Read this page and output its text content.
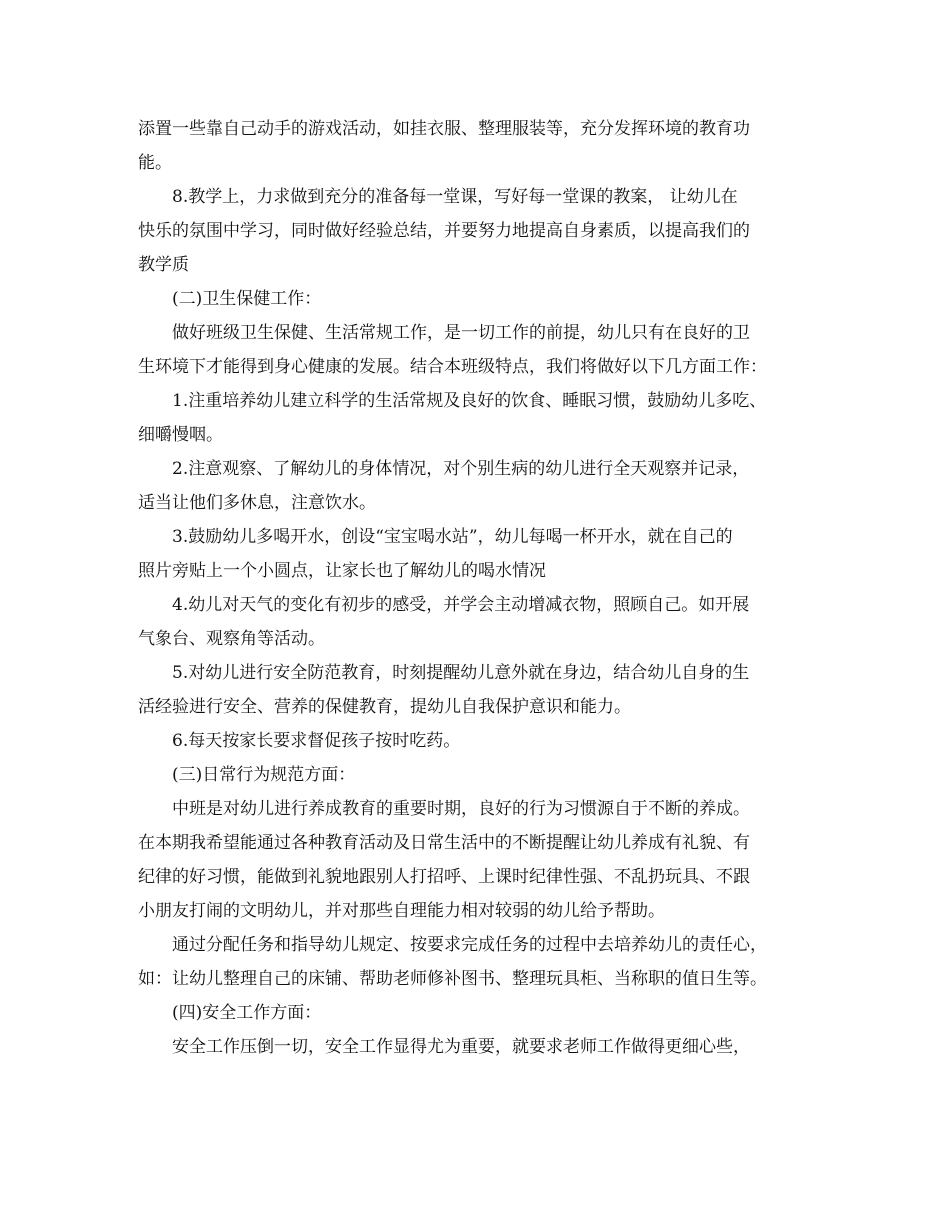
添置一些靠自己动手的游戏活动，如挂衣服、整理服装等，充分发挥环境的教育功
能。
8.教学上，力求做到充分的准备每一堂课，写好每一堂课的教案， 让幼儿在
快乐的氛围中学习，同时做好经验总结，并要努力地提高自身素质，以提高我们的
教学质
(二)卫生保健工作：
做好班级卫生保健、生活常规工作，是一切工作的前提，幼儿只有在良好的卫
生环境下才能得到身心健康的发展。结合本班级特点，我们将做好以下几方面工作：
1.注重培养幼儿建立科学的生活常规及良好的饮食、睡眠习惯，鼓励幼儿多吃、
细嚼慢咽。
2.注意观察、了解幼儿的身体情况，对个别生病的幼儿进行全天观察并记录，
适当让他们多休息，注意饮水。
3.鼓励幼儿多喝开水，创设“宝宝喝水站”，幼儿每喝一杯开水，就在自己的
照片旁贴上一个小圆点，让家长也了解幼儿的喝水情况
4.幼儿对天气的变化有初步的感受，并学会主动增减衣物，照顾自己。如开展
气象台、观察角等活动。
5.对幼儿进行安全防范教育，时刻提醒幼儿意外就在身边，结合幼儿自身的生
活经验进行安全、营养的保健教育，提幼儿自我保护意识和能力。
6.每天按家长要求督促孩子按时吃药。
(三)日常行为规范方面：
中班是对幼儿进行养成教育的重要时期，良好的行为习惯源自于不断的养成。
在本期我希望能通过各种教育活动及日常生活中的不断提醒让幼儿养成有礼貌、有
纪律的好习惯，能做到礼貌地跟别人打招呼、上课时纪律性强、不乱扔玩具、不跟
小朋友打闹的文明幼儿，并对那些自理能力相对较弱的幼儿给予帮助。
通过分配任务和指导幼儿规定、按要求完成任务的过程中去培养幼儿的责任心，
如：让幼儿整理自己的床铺、帮助老师修补图书、整理玩具柜、当称职的值日生等。
(四)安全工作方面：
安全工作压倒一切，安全工作显得尤为重要，就要求老师工作做得更细心些，
